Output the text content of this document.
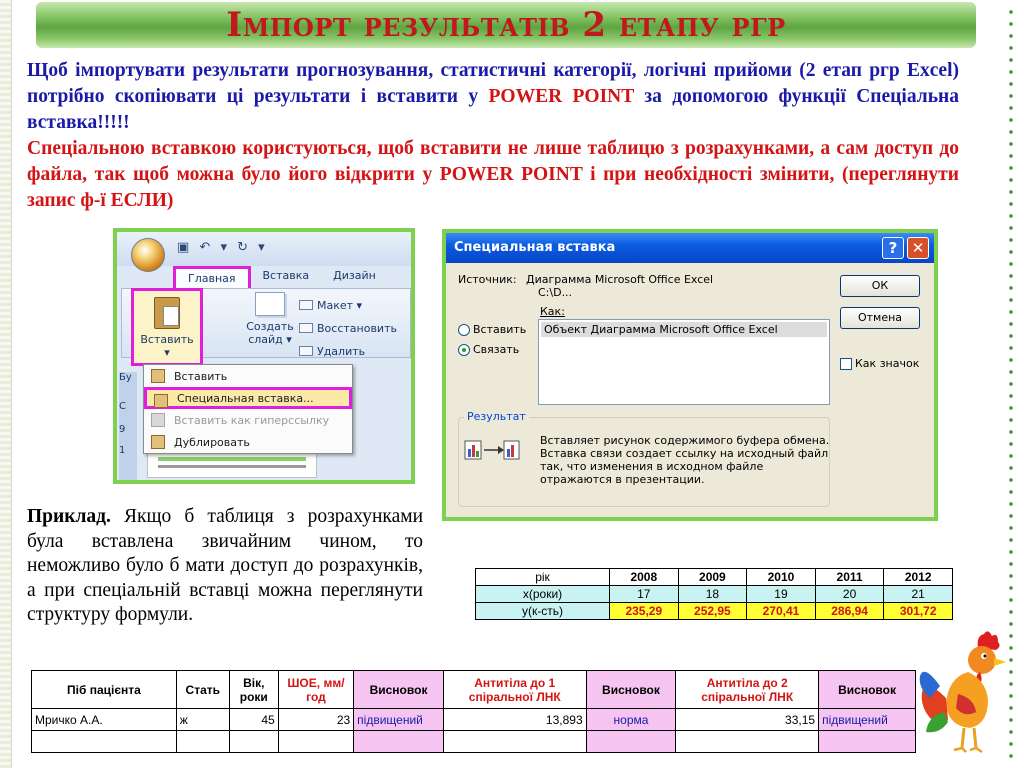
Імпорт результатів 2 етапу ргр
Щоб імпортувати результати прогнозування, статистичні категорії, логічні прийоми (2 етап ргр Excel) потрібно скопіювати ці результати і вставити у POWER POINT за допомогою функції Спеціальна вставка!!!!!
Спеціальною вставкою користуються, щоб вставити не лише таблицю з розрахунками, а сам доступ до файла, так щоб можна було його відкрити у POWER POINT і при необхідності змінити, (переглянути запис ф-ї ЕСЛИ)
▣ ↶ ▾ ↻ ▾
Главная	Вставка	Дизайн
Вставить
▾
Создать слайд ▾
Макет ▾
Восстановить
Удалить
Бу
С
9
1
Вставить
Специальная вставка...
Вставить как гиперссылку
Дублировать
Специальная вставка	? ✕
Источник: Диаграмма Microsoft Office Excel
C:\D...
Как:
Вставить
Связать
Объект Диаграмма Microsoft Office Excel
ОК
Отмена
Как значок
Результат
Вставляет рисунок содержимого буфера обмена. Вставка связи создает ссылку на исходный файл так, что изменения в исходном файле отражаются в презентации.
Приклад. Якщо б таблиця з розрахунками була вставлена звичайним чином, то неможливо було б мати доступ до розрахунків, а при спеціальній вставці можна переглянути структуру формули.
рік	2008	2009	2010	2011	2012
x(роки)	17	18	19	20	21
y(к-сть)	235,29	252,95	270,41	286,94	301,72
Піб пацієнта	Стать	Вік, роки	ШОЕ, мм/год	Висновок	Антитіла до 1 спіральної ЛНК	Висновок	Антитіла до 2 спіральної ЛНК	Висновок
Мричко А.А.	ж	45	23	підвищений	13,893	норма	33,15	підвищений
